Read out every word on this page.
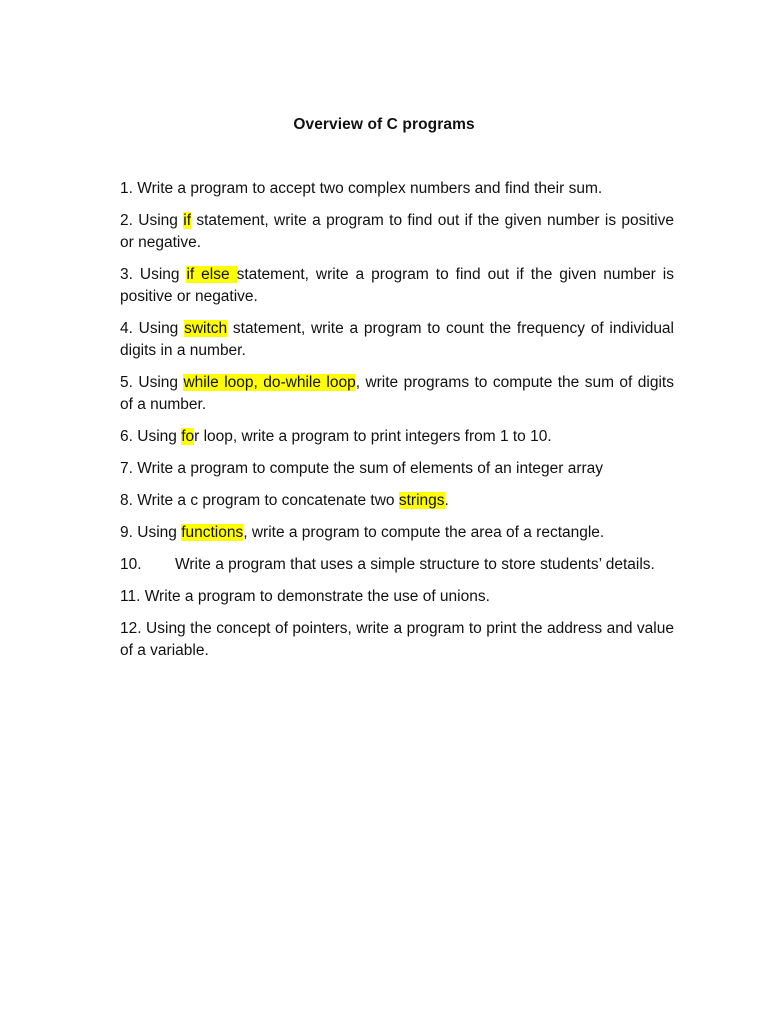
Overview of C programs

1. Write a program to accept two complex numbers and find their sum.

2. Using if statement, write a program to find out if the given number is positive or negative.

3. Using if else statement, write a program to find out if the given number is positive or negative.

4. Using switch statement, write a program to count the frequency of individual digits in a number.

5. Using while loop, do-while loop, write programs to compute the sum of digits of a number.

6. Using for loop, write a program to print integers from 1 to 10.

7. Write a program to compute the sum of elements of an integer array

8. Write a c program to concatenate two strings.

9. Using functions, write a program to compute the area of a rectangle.

10. Write a program that uses a simple structure to store students’ details.

11. Write a program to demonstrate the use of unions.

12. Using the concept of pointers, write a program to print the address and value of a variable.
